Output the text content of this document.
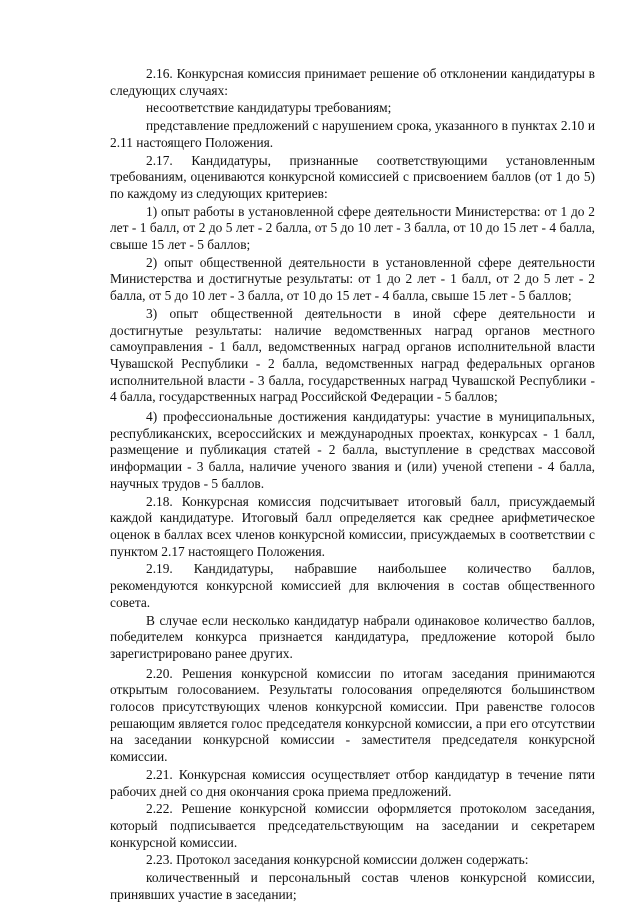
2.16. Конкурсная комиссия принимает решение об отклонении кандидатуры в следующих случаях:

несоответствие кандидатуры требованиям;

представление предложений с нарушением срока, указанного в пунктах 2.10 и 2.11 настоящего Положения.

2.17. Кандидатуры, признанные соответствующими установленным требованиям, оцениваются конкурсной комиссией с присвоением баллов (от 1 до 5) по каждому из следующих критериев:

1) опыт работы в установленной сфере деятельности Министерства: от 1 до 2 лет - 1 балл, от 2 до 5 лет - 2 балла, от 5 до 10 лет - 3 балла, от 10 до 15 лет - 4 балла, свыше 15 лет - 5 баллов;

2) опыт общественной деятельности в установленной сфере деятельности Министерства и достигнутые результаты: от 1 до 2 лет - 1 балл, от 2 до 5 лет - 2 балла, от 5 до 10 лет - 3 балла, от 10 до 15 лет - 4 балла, свыше 15 лет - 5 баллов;

3) опыт общественной деятельности в иной сфере деятельности и достигнутые результаты: наличие ведомственных наград органов местного самоуправления - 1 балл, ведомственных наград органов исполнительной власти Чувашской Республики - 2 балла, ведомственных наград федеральных органов исполнительной власти - 3 балла, государственных наград Чувашской Республики - 4 балла, государственных наград Российской Федерации - 5 баллов;

4) профессиональные достижения кандидатуры: участие в муниципальных, республиканских, всероссийских и международных проектах, конкурсах - 1 балл, размещение и публикация статей - 2 балла, выступление в средствах массовой информации - 3 балла, наличие ученого звания и (или) ученой степени - 4 балла, научных трудов - 5 баллов.

2.18. Конкурсная комиссия подсчитывает итоговый балл, присуждаемый каждой кандидатуре. Итоговый балл определяется как среднее арифметическое оценок в баллах всех членов конкурсной комиссии, присуждаемых в соответствии с пунктом 2.17 настоящего Положения.

2.19. Кандидатуры, набравшие наибольшее количество баллов, рекомендуются конкурсной комиссией для включения в состав общественного совета.

В случае если несколько кандидатур набрали одинаковое количество баллов, победителем конкурса признается кандидатура, предложение которой было зарегистрировано ранее других.

2.20. Решения конкурсной комиссии по итогам заседания принимаются открытым голосованием. Результаты голосования определяются большинством голосов присутствующих членов конкурсной комиссии. При равенстве голосов решающим является голос председателя конкурсной комиссии, а при его отсутствии на заседании конкурсной комиссии - заместителя председателя конкурсной комиссии.

2.21. Конкурсная комиссия осуществляет отбор кандидатур в течение пяти рабочих дней со дня окончания срока приема предложений.

2.22. Решение конкурсной комиссии оформляется протоколом заседания, который подписывается председательствующим на заседании и секретарем конкурсной комиссии.

2.23. Протокол заседания конкурсной комиссии должен содержать:

количественный и персональный состав членов конкурсной комиссии, принявших участие в заседании;
